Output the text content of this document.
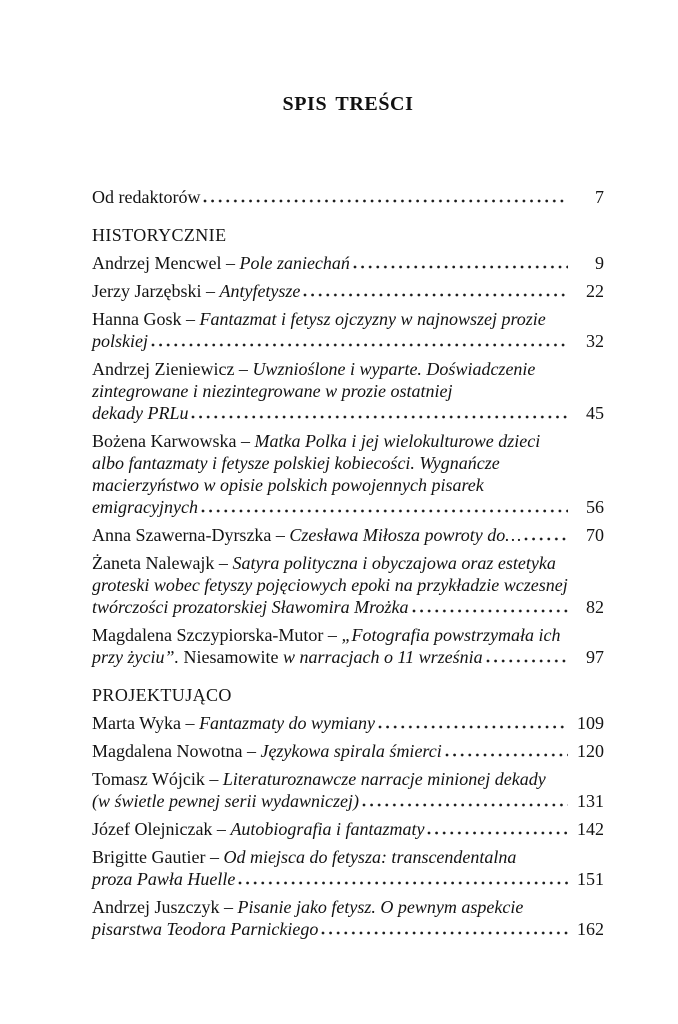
SPIS TREŚCI
Od redaktorów	7
HISTORYCZNIE
Andrzej Mencwel – Pole zaniechań	9
Jerzy Jarzębski – Antyfetysze	22
Hanna Gosk – Fantazmat i fetysz ojczyzny w najnowszej prozie
polskiej	32
Andrzej Zieniewicz – Uwznioślone i wyparte. Doświadczenie
zintegrowane i niezintegrowane w prozie ostatniej
dekady PRLu	45
Bożena Karwowska – Matka Polka i jej wielokulturowe dzieci
albo fantazmaty i fetysze polskiej kobiecości. Wygnańcze
macierzyństwo w opisie polskich powojennych pisarek
emigracyjnych	56
Anna Szawerna-Dyrszka – Czesława Miłosza powroty do…	70
Żaneta Nalewajk – Satyra polityczna i obyczajowa oraz estetyka
groteski wobec fetyszy pojęciowych epoki na przykładzie wczesnej
twórczości prozatorskiej Sławomira Mrożka	82
Magdalena Szczypiorska-Mutor – „Fotografia powstrzymała ich
przy życiu”. Niesamowite w narracjach o 11 września	97
PROJEKTUJĄCO
Marta Wyka – Fantazmaty do wymiany	109
Magdalena Nowotna – Językowa spirala śmierci	120
Tomasz Wójcik – Literaturoznawcze narracje minionej dekady
(w świetle pewnej serii wydawniczej)	131
Józef Olejniczak – Autobiografia i fantazmaty	142
Brigitte Gautier – Od miejsca do fetysza: transcendentalna
proza Pawła Huelle	151
Andrzej Juszczyk – Pisanie jako fetysz. O pewnym aspekcie
pisarstwa Teodora Parnickiego	162
